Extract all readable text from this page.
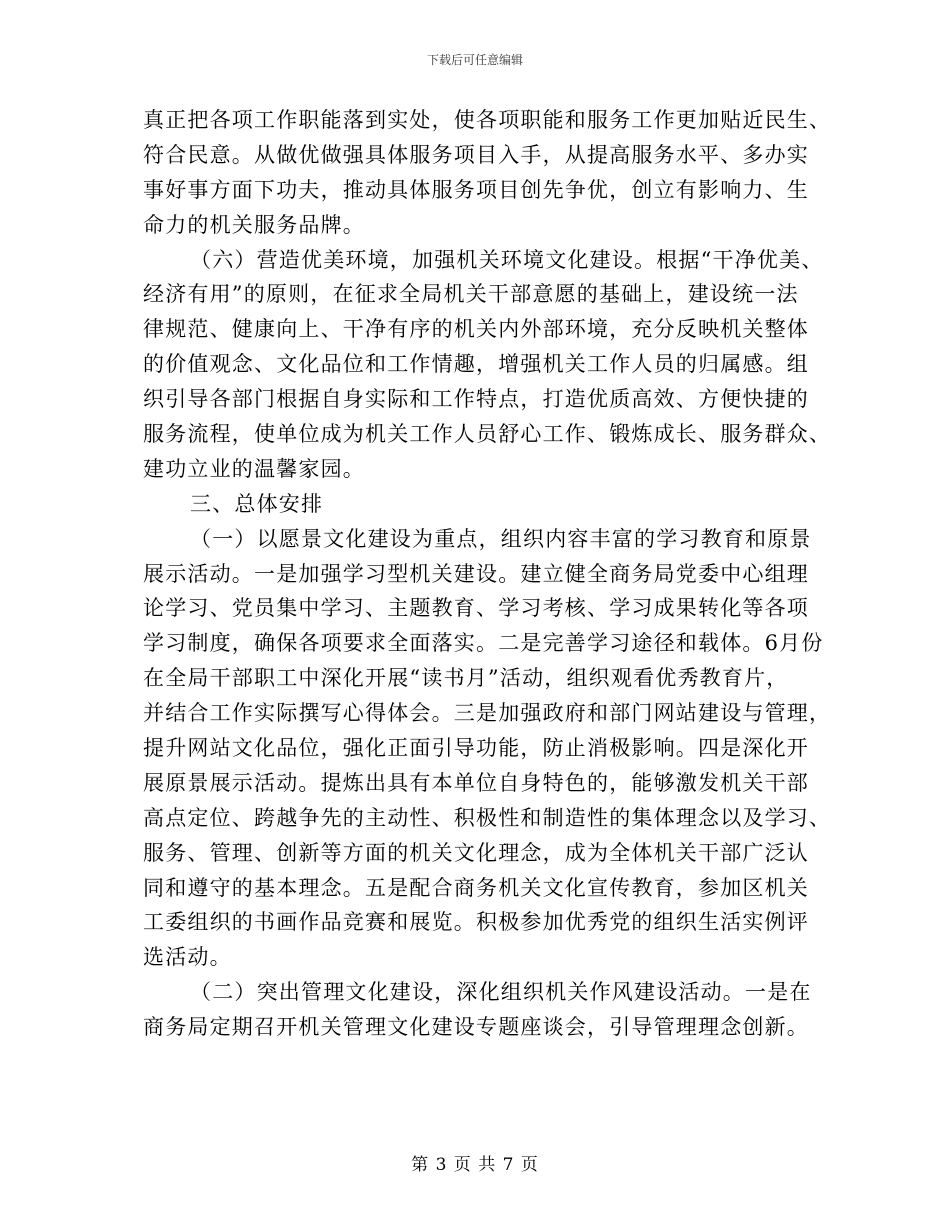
下载后可任意编辑
真正把各项工作职能落到实处，使各项职能和服务工作更加贴近民生、
符合民意。从做优做强具体服务项目入手，从提高服务水平、多办实
事好事方面下功夫，推动具体服务项目创先争优，创立有影响力、生
命力的机关服务品牌。
（六）营造优美环境，加强机关环境文化建设。根据“干净优美、
经济有用”的原则，在征求全局机关干部意愿的基础上，建设统一法
律规范、健康向上、干净有序的机关内外部环境，充分反映机关整体
的价值观念、文化品位和工作情趣，增强机关工作人员的归属感。组
织引导各部门根据自身实际和工作特点，打造优质高效、方便快捷的
服务流程，使单位成为机关工作人员舒心工作、锻炼成长、服务群众、
建功立业的温馨家园。
三、总体安排
（一）以愿景文化建设为重点，组织内容丰富的学习教育和原景
展示活动。一是加强学习型机关建设。建立健全商务局党委中心组理
论学习、党员集中学习、主题教育、学习考核、学习成果转化等各项
学习制度，确保各项要求全面落实。二是完善学习途径和载体。6月份
在全局干部职工中深化开展“读书月”活动，组织观看优秀教育片，
并结合工作实际撰写心得体会。三是加强政府和部门网站建设与管理，
提升网站文化品位，强化正面引导功能，防止消极影响。四是深化开
展原景展示活动。提炼出具有本单位自身特色的，能够激发机关干部
高点定位、跨越争先的主动性、积极性和制造性的集体理念以及学习、
服务、管理、创新等方面的机关文化理念，成为全体机关干部广泛认
同和遵守的基本理念。五是配合商务机关文化宣传教育，参加区机关
工委组织的书画作品竞赛和展览。积极参加优秀党的组织生活实例评
选活动。
（二）突出管理文化建设，深化组织机关作风建设活动。一是在
商务局定期召开机关管理文化建设专题座谈会，引导管理理念创新。
第 3 页 共 7 页
